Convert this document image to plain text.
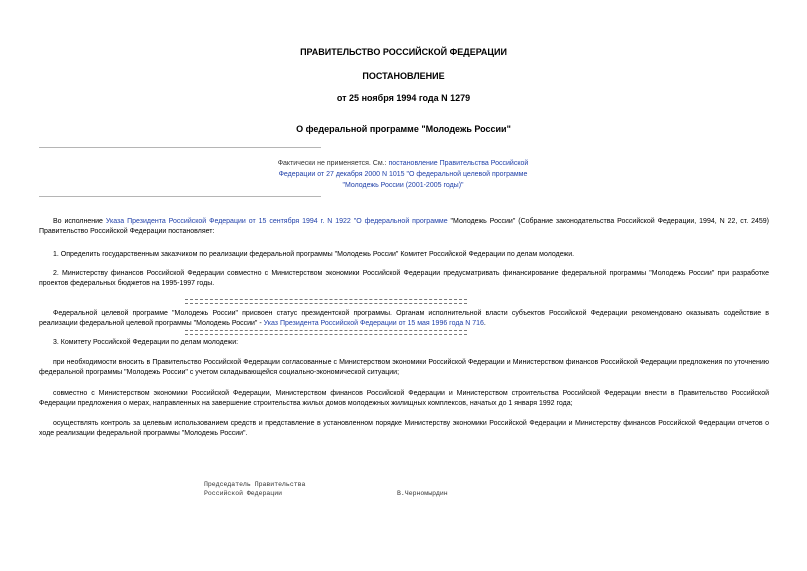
ПРАВИТЕЛЬСТВО РОССИЙСКОЙ ФЕДЕРАЦИИ
ПОСТАНОВЛЕНИЕ
от 25 ноября 1994 года N 1279
О федеральной программе "Молодежь России"
Фактически не применяется. См.: постановление Правительства Российской Федерации от 27 декабря 2000 N 1015 "О федеральной целевой программе "Молодежь России (2001-2005 годы)"
Во исполнение Указа Президента Российской Федерации от 15 сентября 1994 г. N 1922 "О федеральной программе "Молодежь России" (Собрание законодательства Российской Федерации, 1994, N 22, ст. 2459) Правительство Российской Федерации постановляет:
1. Определить государственным заказчиком по реализации федеральной программы "Молодежь России" Комитет Российской Федерации по делам молодежи.
2. Министерству финансов Российской Федерации совместно с Министерством экономики Российской Федерации предусматривать финансирование федеральной программы "Молодежь России" при разработке проектов федеральных бюджетов на 1995-1997 годы.
Федеральной целевой программе "Молодежь России" присвоен статус президентской программы. Органам исполнительной власти субъектов Российской Федерации рекомендовано оказывать содействие в реализации федеральной целевой программы "Молодежь России" - Указ Президента Российской Федерации от 15 мая 1996 года N 716.
3. Комитету Российской Федерации по делам молодежи:
при необходимости вносить в Правительство Российской Федерации согласованные с Министерством экономики Российской Федерации и Министерством финансов Российской Федерации предложения по уточнению федеральной программы "Молодежь России" с учетом складывающейся социально-экономической ситуации;
совместно с Министерством экономики Российской Федерации, Министерством финансов Российской Федерации и Министерством строительства Российской Федерации внести в Правительство Российской Федерации предложения о мерах, направленных на завершение строительства жилых домов молодежных жилищных комплексов, начатых до 1 января 1992 года;
осуществлять контроль за целевым использованием средств и представление в установленном порядке Министерству экономики Российской Федерации и Министерству финансов Российской Федерации отчетов о ходе реализации федеральной программы "Молодежь России".
Председатель Правительства
Российской Федерации	В.Черномырдин
